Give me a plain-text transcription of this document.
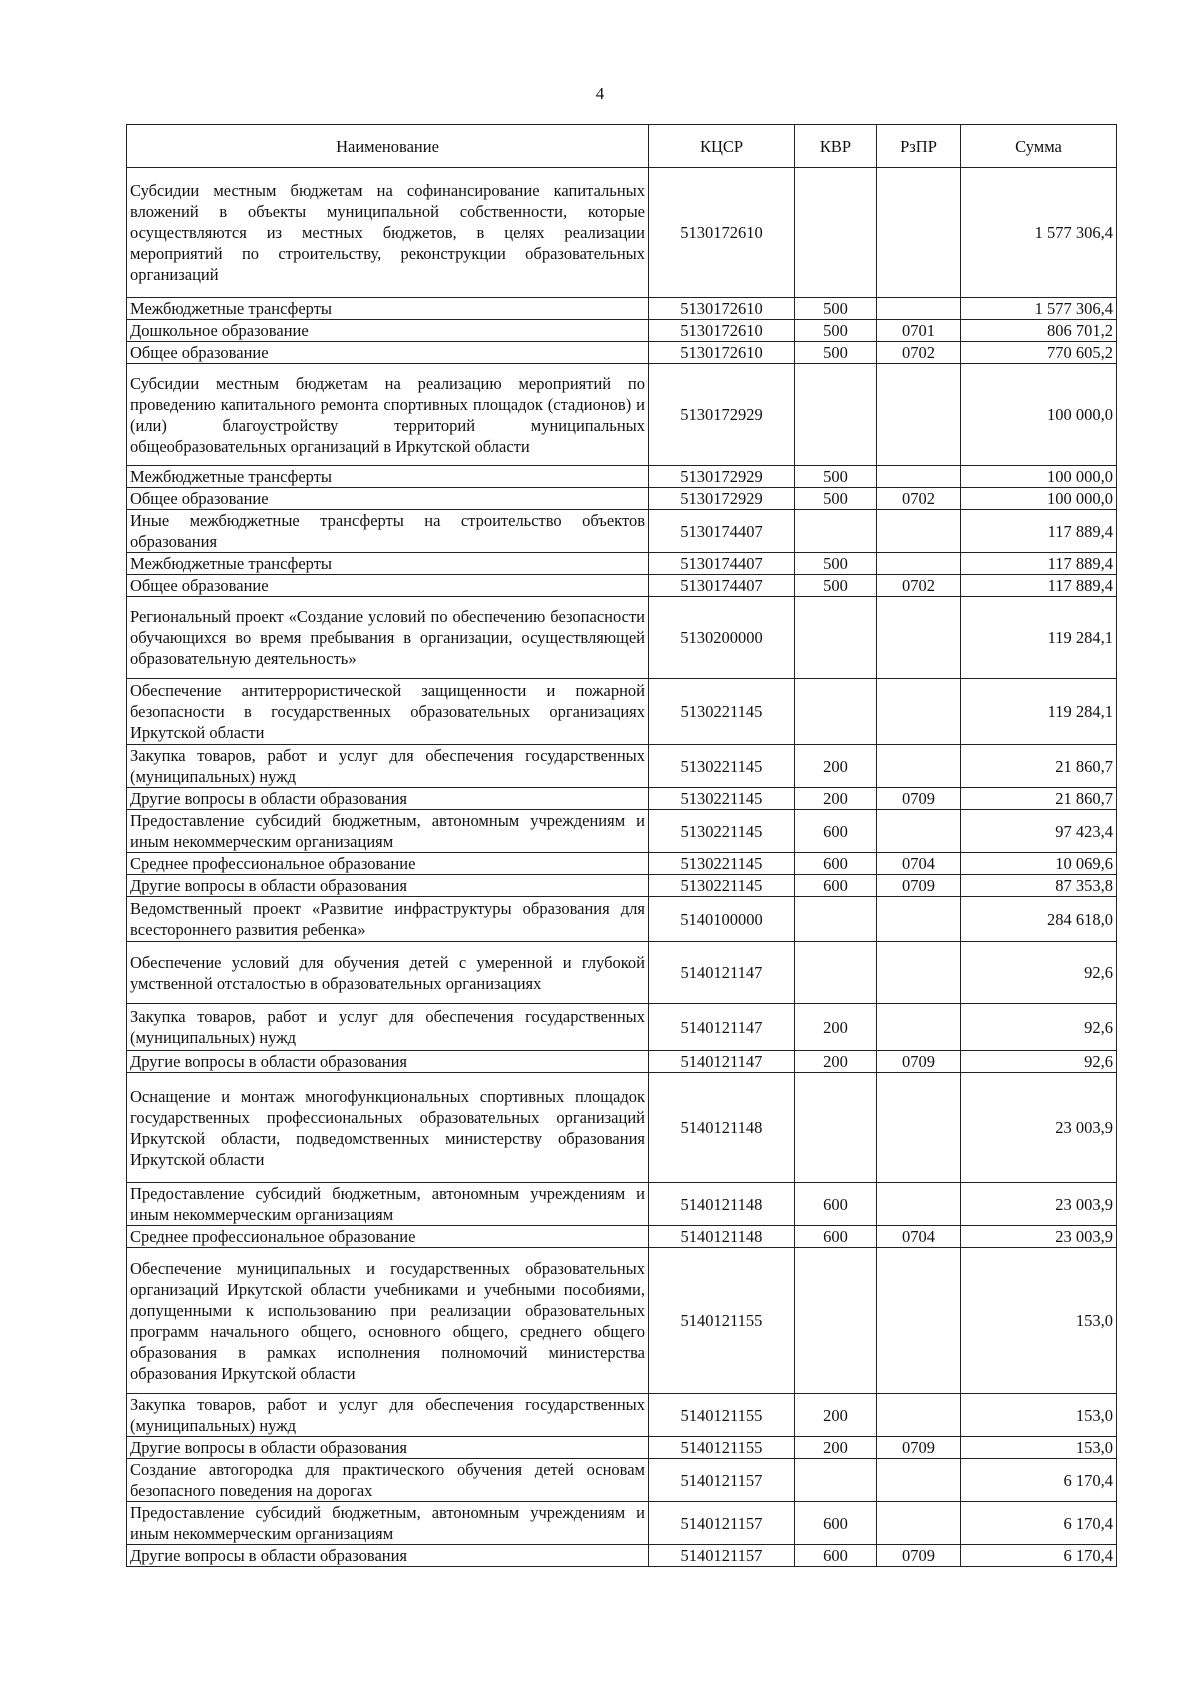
4
Наименование	КЦСР	КВР	РзПР	Сумма
Субсидии местным бюджетам на софинансирование капитальных вложений в объекты муниципальной собственности, которые осуществляются из местных бюджетов, в целях реализации мероприятий по строительству, реконструкции образовательных организаций	5130172610			1 577 306,4
Межбюджетные трансферты	5130172610	500		1 577 306,4
Дошкольное образование	5130172610	500	0701	806 701,2
Общее образование	5130172610	500	0702	770 605,2
Субсидии местным бюджетам на реализацию мероприятий по проведению капитального ремонта спортивных площадок (стадионов) и (или) благоустройству территорий муниципальных общеобразовательных организаций в Иркутской области	5130172929			100 000,0
Межбюджетные трансферты	5130172929	500		100 000,0
Общее образование	5130172929	500	0702	100 000,0
Иные межбюджетные трансферты на строительство объектов образования	5130174407			117 889,4
Межбюджетные трансферты	5130174407	500		117 889,4
Общее образование	5130174407	500	0702	117 889,4
Региональный проект «Создание условий по обеспечению безопасности обучающихся во время пребывания в организации, осуществляющей образовательную деятельность»	5130200000			119 284,1
Обеспечение антитеррористической защищенности и пожарной безопасности в государственных образовательных организациях Иркутской области	5130221145			119 284,1
Закупка товаров, работ и услуг для обеспечения государственных (муниципальных) нужд	5130221145	200		21 860,7
Другие вопросы в области образования	5130221145	200	0709	21 860,7
Предоставление субсидий бюджетным, автономным учреждениям и иным некоммерческим организациям	5130221145	600		97 423,4
Среднее профессиональное образование	5130221145	600	0704	10 069,6
Другие вопросы в области образования	5130221145	600	0709	87 353,8
Ведомственный проект «Развитие инфраструктуры образования для всестороннего развития ребенка»	5140100000			284 618,0
Обеспечение условий для обучения детей с умеренной и глубокой умственной отсталостью в образовательных организациях	5140121147			92,6
Закупка товаров, работ и услуг для обеспечения государственных (муниципальных) нужд	5140121147	200		92,6
Другие вопросы в области образования	5140121147	200	0709	92,6
Оснащение и монтаж многофункциональных спортивных площадок государственных профессиональных образовательных организаций Иркутской области, подведомственных министерству образования Иркутской области	5140121148			23 003,9
Предоставление субсидий бюджетным, автономным учреждениям и иным некоммерческим организациям	5140121148	600		23 003,9
Среднее профессиональное образование	5140121148	600	0704	23 003,9
Обеспечение муниципальных и государственных образовательных организаций Иркутской области учебниками и учебными пособиями, допущенными к использованию при реализации образовательных программ начального общего, основного общего, среднего общего образования в рамках исполнения полномочий министерства образования Иркутской области	5140121155			153,0
Закупка товаров, работ и услуг для обеспечения государственных (муниципальных) нужд	5140121155	200		153,0
Другие вопросы в области образования	5140121155	200	0709	153,0
Создание автогородка для практического обучения детей основам безопасного поведения на дорогах	5140121157			6 170,4
Предоставление субсидий бюджетным, автономным учреждениям и иным некоммерческим организациям	5140121157	600		6 170,4
Другие вопросы в области образования	5140121157	600	0709	6 170,4
